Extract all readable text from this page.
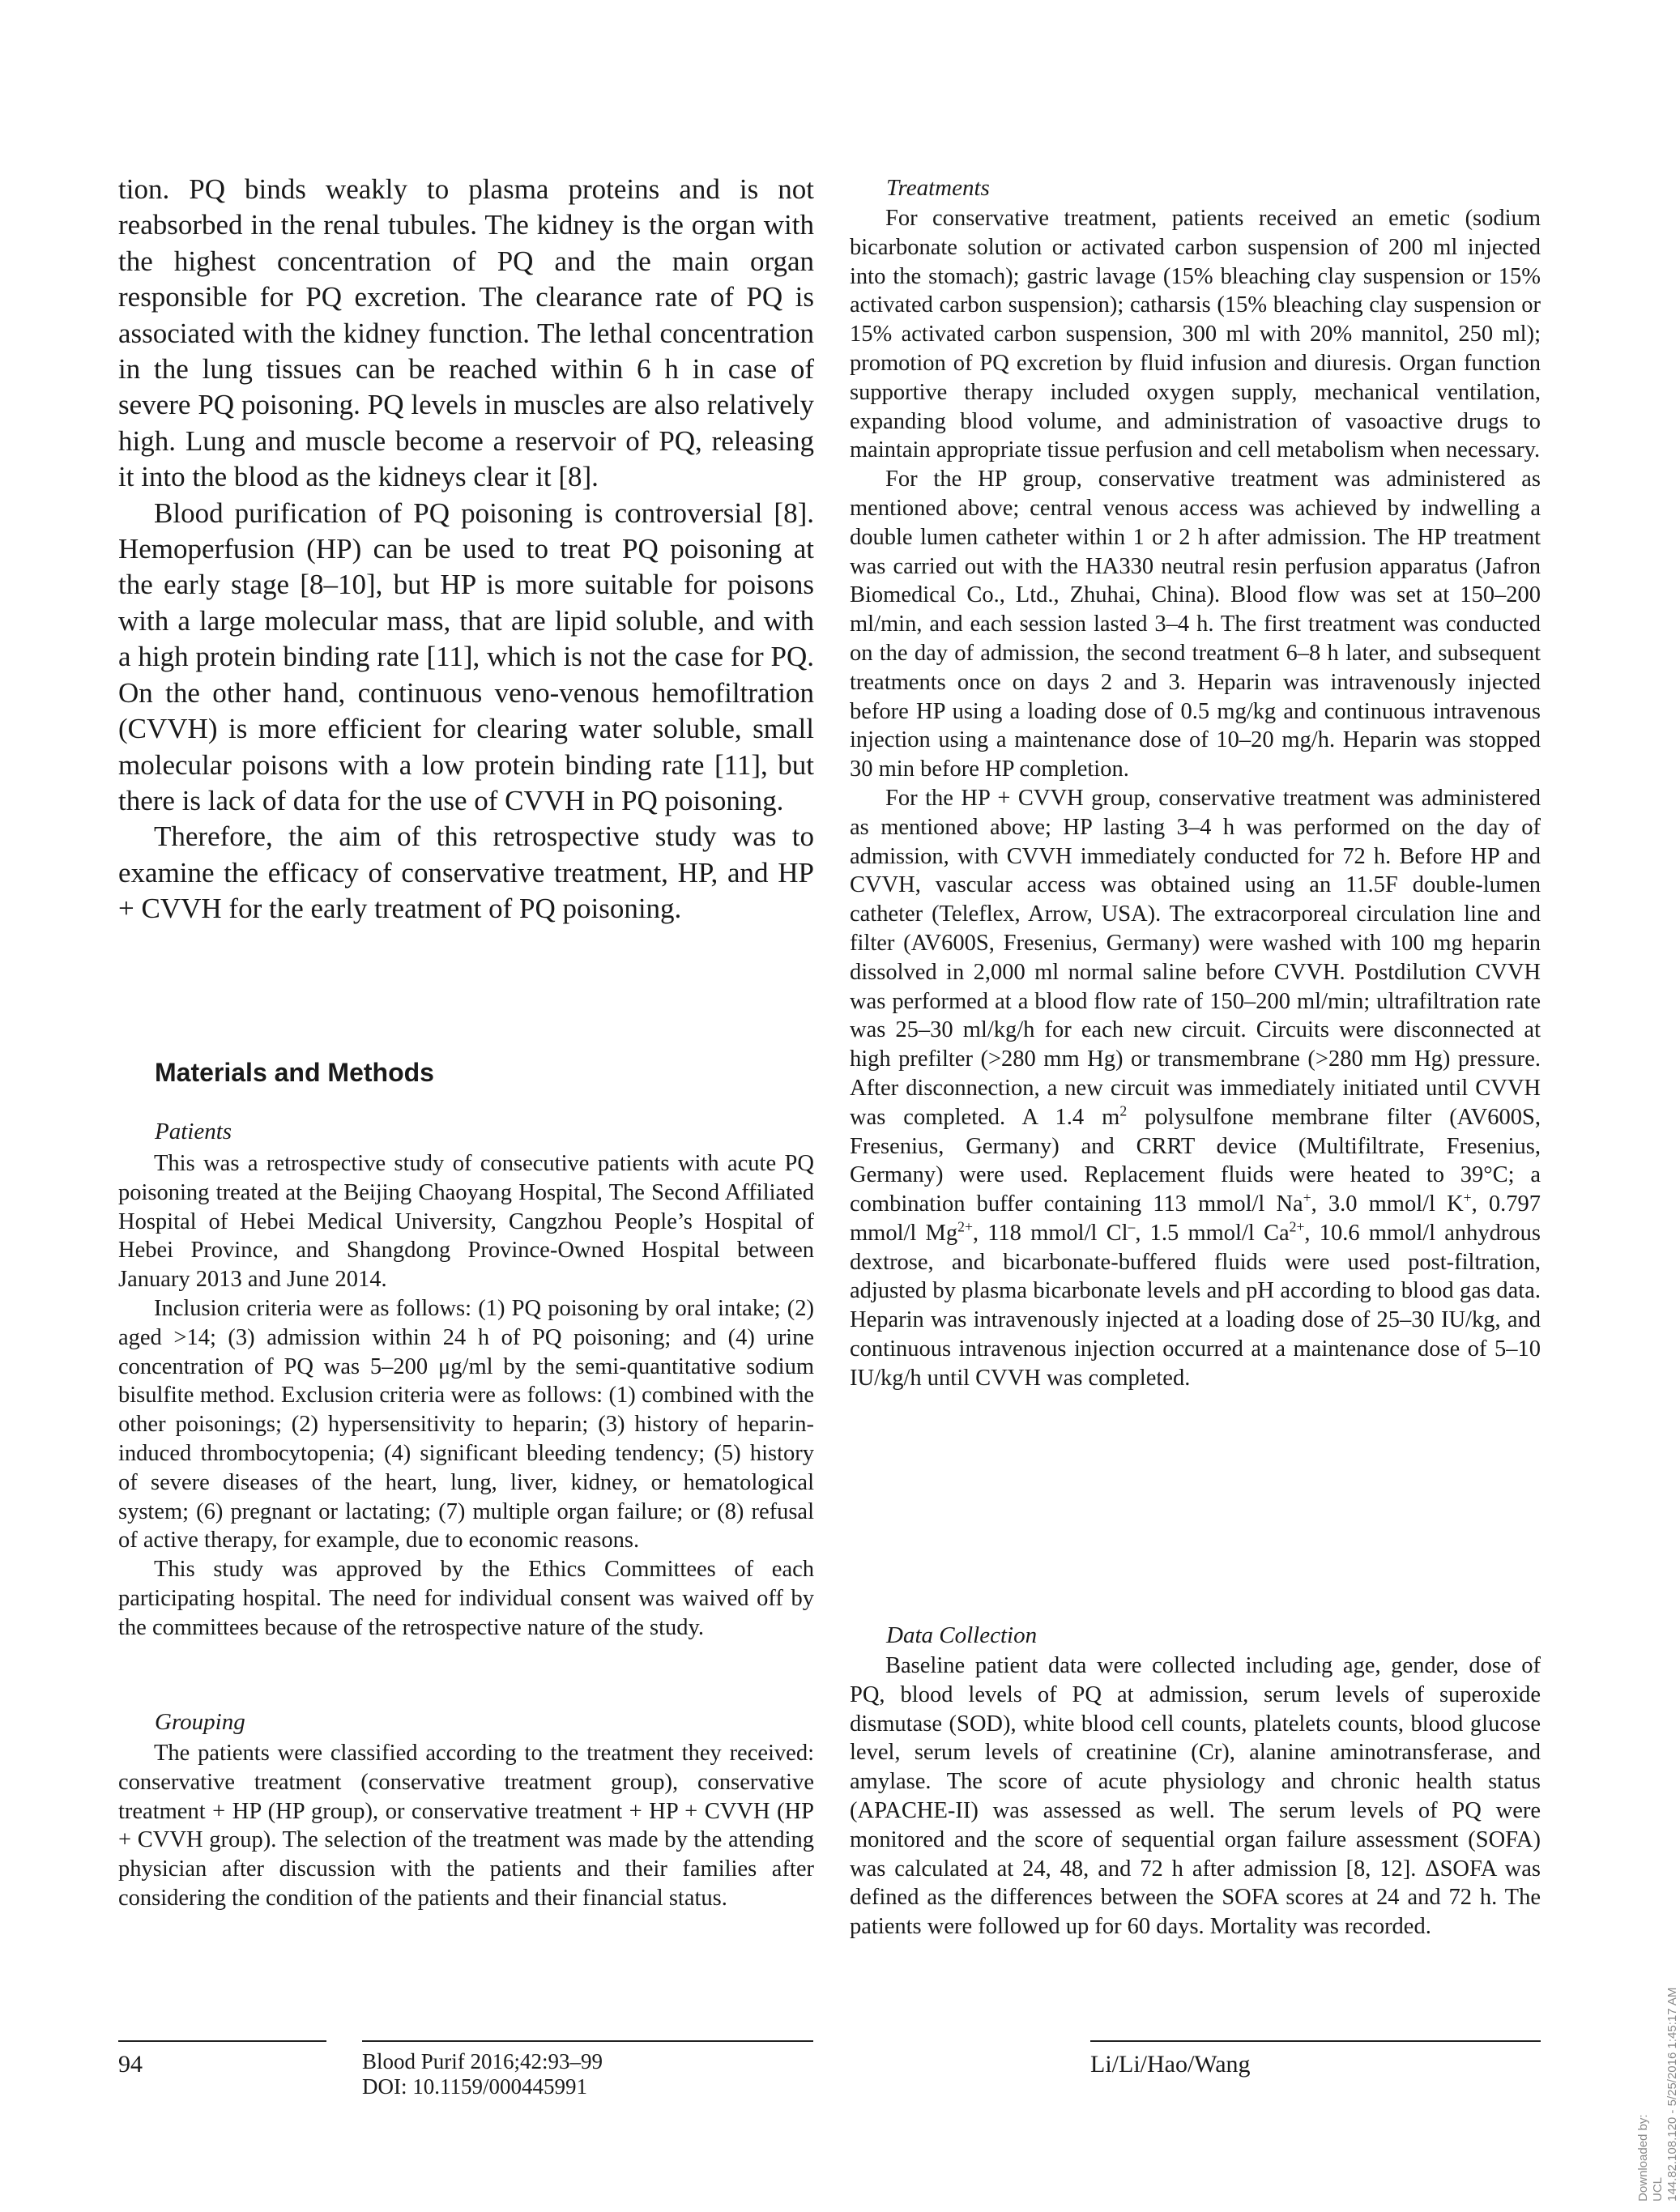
tion. PQ binds weakly to plasma proteins and is not reabsorbed in the renal tubules. The kidney is the organ with the highest concentration of PQ and the main organ responsible for PQ excretion. The clearance rate of PQ is associated with the kidney function. The lethal concentration in the lung tissues can be reached within 6 h in case of severe PQ poisoning. PQ levels in muscles are also relatively high. Lung and muscle become a reservoir of PQ, releasing it into the blood as the kidneys clear it [8].

Blood purification of PQ poisoning is controversial [8]. Hemoperfusion (HP) can be used to treat PQ poisoning at the early stage [8–10], but HP is more suitable for poisons with a large molecular mass, that are lipid soluble, and with a high protein binding rate [11], which is not the case for PQ. On the other hand, continuous veno-venous hemofiltration (CVVH) is more efficient for clearing water soluble, small molecular poisons with a low protein binding rate [11], but there is lack of data for the use of CVVH in PQ poisoning.

Therefore, the aim of this retrospective study was to examine the efficacy of conservative treatment, HP, and HP + CVVH for the early treatment of PQ poisoning.

Materials and Methods
Patients

This was a retrospective study of consecutive patients with acute PQ poisoning treated at the Beijing Chaoyang Hospital, The Second Affiliated Hospital of Hebei Medical University, Cangzhou People’s Hospital of Hebei Province, and Shangdong Province-Owned Hospital between January 2013 and June 2014.

Inclusion criteria were as follows: (1) PQ poisoning by oral intake; (2) aged >14; (3) admission within 24 h of PQ poisoning; and (4) urine concentration of PQ was 5–200 μg/ml by the semi-quantitative sodium bisulfite method. Exclusion criteria were as follows: (1) combined with the other poisonings; (2) hypersensitivity to heparin; (3) history of heparin-induced thrombocytopenia; (4) significant bleeding tendency; (5) history of severe diseases of the heart, lung, liver, kidney, or hematological system; (6) pregnant or lactating; (7) multiple organ failure; or (8) refusal of active therapy, for example, due to economic reasons.

This study was approved by the Ethics Committees of each participating hospital. The need for individual consent was waived off by the committees because of the retrospective nature of the study.

Grouping

The patients were classified according to the treatment they received: conservative treatment (conservative treatment group), conservative treatment + HP (HP group), or conservative treatment + HP + CVVH (HP + CVVH group). The selection of the treatment was made by the attending physician after discussion with the patients and their families after considering the condition of the patients and their financial status.

Treatments

For conservative treatment, patients received an emetic (sodium bicarbonate solution or activated carbon suspension of 200 ml injected into the stomach); gastric lavage (15% bleaching clay suspension or 15% activated carbon suspension); catharsis (15% bleaching clay suspension or 15% activated carbon suspension, 300 ml with 20% mannitol, 250 ml); promotion of PQ excretion by fluid infusion and diuresis. Organ function supportive therapy included oxygen supply, mechanical ventilation, expanding blood volume, and administration of vasoactive drugs to maintain appropriate tissue perfusion and cell metabolism when necessary.

For the HP group, conservative treatment was administered as mentioned above; central venous access was achieved by indwelling a double lumen catheter within 1 or 2 h after admission. The HP treatment was carried out with the HA330 neutral resin perfusion apparatus (Jafron Biomedical Co., Ltd., Zhuhai, China). Blood flow was set at 150–200 ml/min, and each session lasted 3–4 h. The first treatment was conducted on the day of admission, the second treatment 6–8 h later, and subsequent treatments once on days 2 and 3. Heparin was intravenously injected before HP using a loading dose of 0.5 mg/kg and continuous intravenous injection using a maintenance dose of 10–20 mg/h. Heparin was stopped 30 min before HP completion.

For the HP + CVVH group, conservative treatment was administered as mentioned above; HP lasting 3–4 h was performed on the day of admission, with CVVH immediately conducted for 72 h. Before HP and CVVH, vascular access was obtained using an 11.5F double-lumen catheter (Teleflex, Arrow, USA). The extracorporeal circulation line and filter (AV600S, Fresenius, Germany) were washed with 100 mg heparin dissolved in 2,000 ml normal saline before CVVH. Postdilution CVVH was performed at a blood flow rate of 150–200 ml/min; ultrafiltration rate was 25–30 ml/kg/h for each new circuit. Circuits were disconnected at high prefilter (>280 mm Hg) or transmembrane (>280 mm Hg) pressure. After disconnection, a new circuit was immediately initiated until CVVH was completed. A 1.4 $m^2$ polysulfone membrane filter (AV600S, Fresenius, Germany) and CRRT device (Multifiltrate, Fresenius, Germany) were used. Replacement fluids were heated to 39°C; a combination buffer containing 113 mmol/l Na+, 3.0 mmol/l K+, 0.797 mmol/l $Mg^{2+}$, 118 mmol/l Cl–, 1.5 mmol/l $Ca^{2+}$, 10.6 mmol/l anhydrous dextrose, and bicarbonate-buffered fluids were used post-filtration, adjusted by plasma bicarbonate levels and pH according to blood gas data. Heparin was intravenously injected at a loading dose of 25–30 IU/kg, and continuous intravenous injection occurred at a maintenance dose of 5–10 IU/kg/h until CVVH was completed.

Data Collection

Baseline patient data were collected including age, gender, dose of PQ, blood levels of PQ at admission, serum levels of superoxide dismutase (SOD), white blood cell counts, platelets counts, blood glucose level, serum levels of creatinine (Cr), alanine aminotransferase, and amylase. The score of acute physiology and chronic health status (APACHE-II) was assessed as well. The serum levels of PQ were monitored and the score of sequential organ failure assessment (SOFA) was calculated at 24, 48, and 72 h after admission [8, 12]. ΔSOFA was defined as the differences between the SOFA scores at 24 and 72 h. The patients were followed up for 60 days. Mortality was recorded.

94	Blood Purif 2016;42:93–99
DOI: 10.1159/000445991
Li/Li/Hao/Wang
Downloaded by: UCL 144.82.108.120 - 5/25/2016 1:45:17 AM
